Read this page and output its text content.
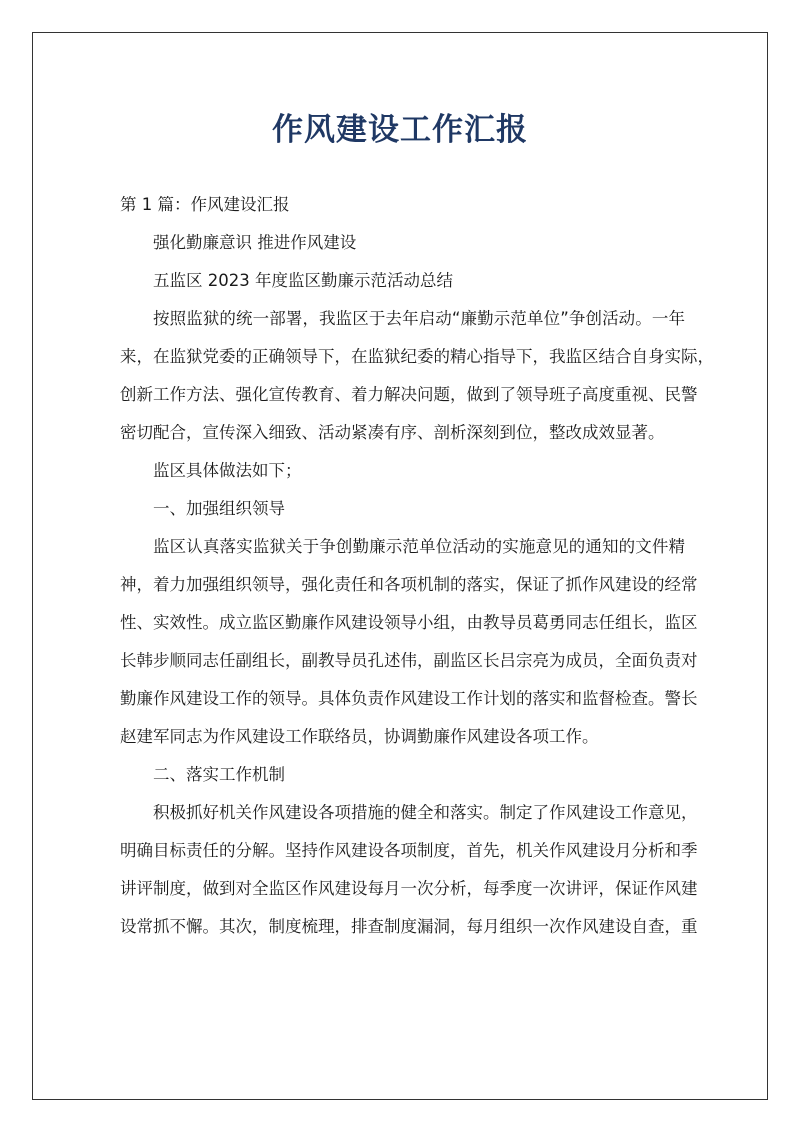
作风建设工作汇报
第 1 篇：作风建设汇报
强化勤廉意识 推进作风建设
五监区 2023 年度监区勤廉示范活动总结
按照监狱的统一部署，我监区于去年启动“廉勤示范单位”争创活动。一年
来，在监狱党委的正确领导下，在监狱纪委的精心指导下，我监区结合自身实际，
创新工作方法、强化宣传教育、着力解决问题，做到了领导班子高度重视、民警
密切配合，宣传深入细致、活动紧凑有序、剖析深刻到位，整改成效显著。
监区具体做法如下；
一、加强组织领导
监区认真落实监狱关于争创勤廉示范单位活动的实施意见的通知的文件精
神，着力加强组织领导，强化责任和各项机制的落实，保证了抓作风建设的经常
性、实效性。成立监区勤廉作风建设领导小组，由教导员葛勇同志任组长，监区
长韩步顺同志任副组长，副教导员孔述伟，副监区长吕宗亮为成员，全面负责对
勤廉作风建设工作的领导。具体负责作风建设工作计划的落实和监督检查。警长
赵建军同志为作风建设工作联络员，协调勤廉作风建设各项工作。
二、落实工作机制
积极抓好机关作风建设各项措施的健全和落实。制定了作风建设工作意见，
明确目标责任的分解。坚持作风建设各项制度，首先，机关作风建设月分析和季
讲评制度，做到对全监区作风建设每月一次分析，每季度一次讲评，保证作风建
设常抓不懈。其次，制度梳理，排查制度漏洞，每月组织一次作风建设自查，重
